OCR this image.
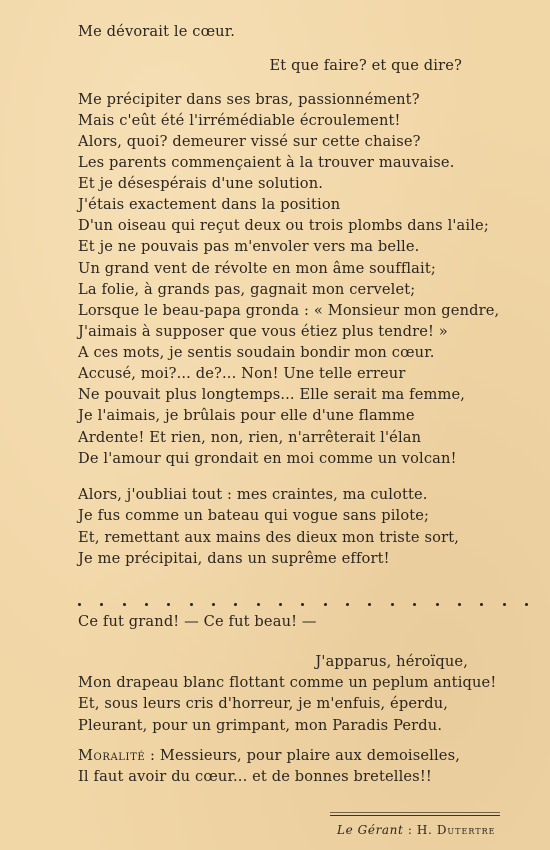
Me dévorait le cœur.
Et que faire? et que dire?
Me précipiter dans ses bras, passionnément?
Mais c'eût été l'irrémédiable écroulement!
Alors, quoi? demeurer vissé sur cette chaise?
Les parents commençaient à la trouver mauvaise.
Et je désespérais d'une solution.
J'étais exactement dans la position
D'un oiseau qui reçut deux ou trois plombs dans l'aile;
Et je ne pouvais pas m'envoler vers ma belle.
Un grand vent de révolte en mon âme soufflait;
La folie, à grands pas, gagnait mon cervelet;
Lorsque le beau-papa gronda : « Monsieur mon gendre,
J'aimais à supposer que vous étiez plus tendre! »
A ces mots, je sentis soudain bondir mon cœur.
Accusé, moi?... de?... Non! Une telle erreur
Ne pouvait plus longtemps... Elle serait ma femme,
Je l'aimais, je brûlais pour elle d'une flamme
Ardente! Et rien, non, rien, n'arrêterait l'élan
De l'amour qui grondait en moi comme un volcan!
Alors, j'oubliai tout : mes craintes, ma culotte.
Je fus comme un bateau qui vogue sans pilote;
Et, remettant aux mains des dieux mon triste sort,
Je me précipitai, dans un suprême effort!
Ce fut grand! — Ce fut beau! —
J'apparus, héroïque,
Mon drapeau blanc flottant comme un peplum antique!
Et, sous leurs cris d'horreur, je m'enfuis, éperdu,
Pleurant, pour un grimpant, mon Paradis Perdu.
Moralité : Messieurs, pour plaire aux demoiselles,
Il faut avoir du cœur... et de bonnes bretelles!!
Le Gérant : H. Dutertre
